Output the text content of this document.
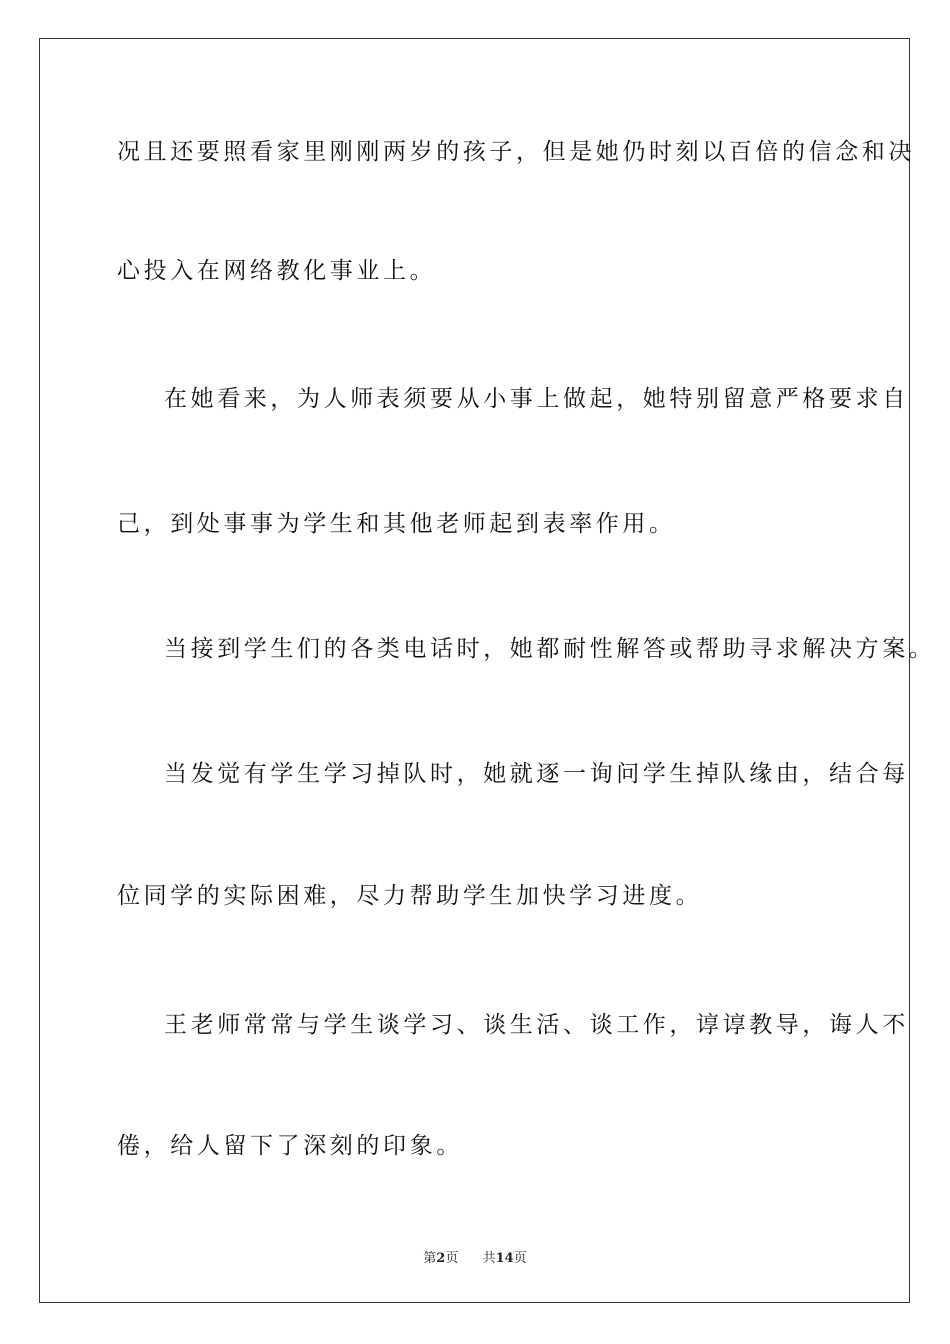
况且还要照看家里刚刚两岁的孩子，但是她仍时刻以百倍的信念和决
心投入在网络教化事业上。
在她看来，为人师表须要从小事上做起，她特别留意严格要求自
己，到处事事为学生和其他老师起到表率作用。
当接到学生们的各类电话时，她都耐性解答或帮助寻求解决方案。
当发觉有学生学习掉队时，她就逐一询问学生掉队缘由，结合每
位同学的实际困难，尽力帮助学生加快学习进度。
王老师常常与学生谈学习、谈生活、谈工作，谆谆教导，诲人不
倦，给人留下了深刻的印象。
第2页 共14页
